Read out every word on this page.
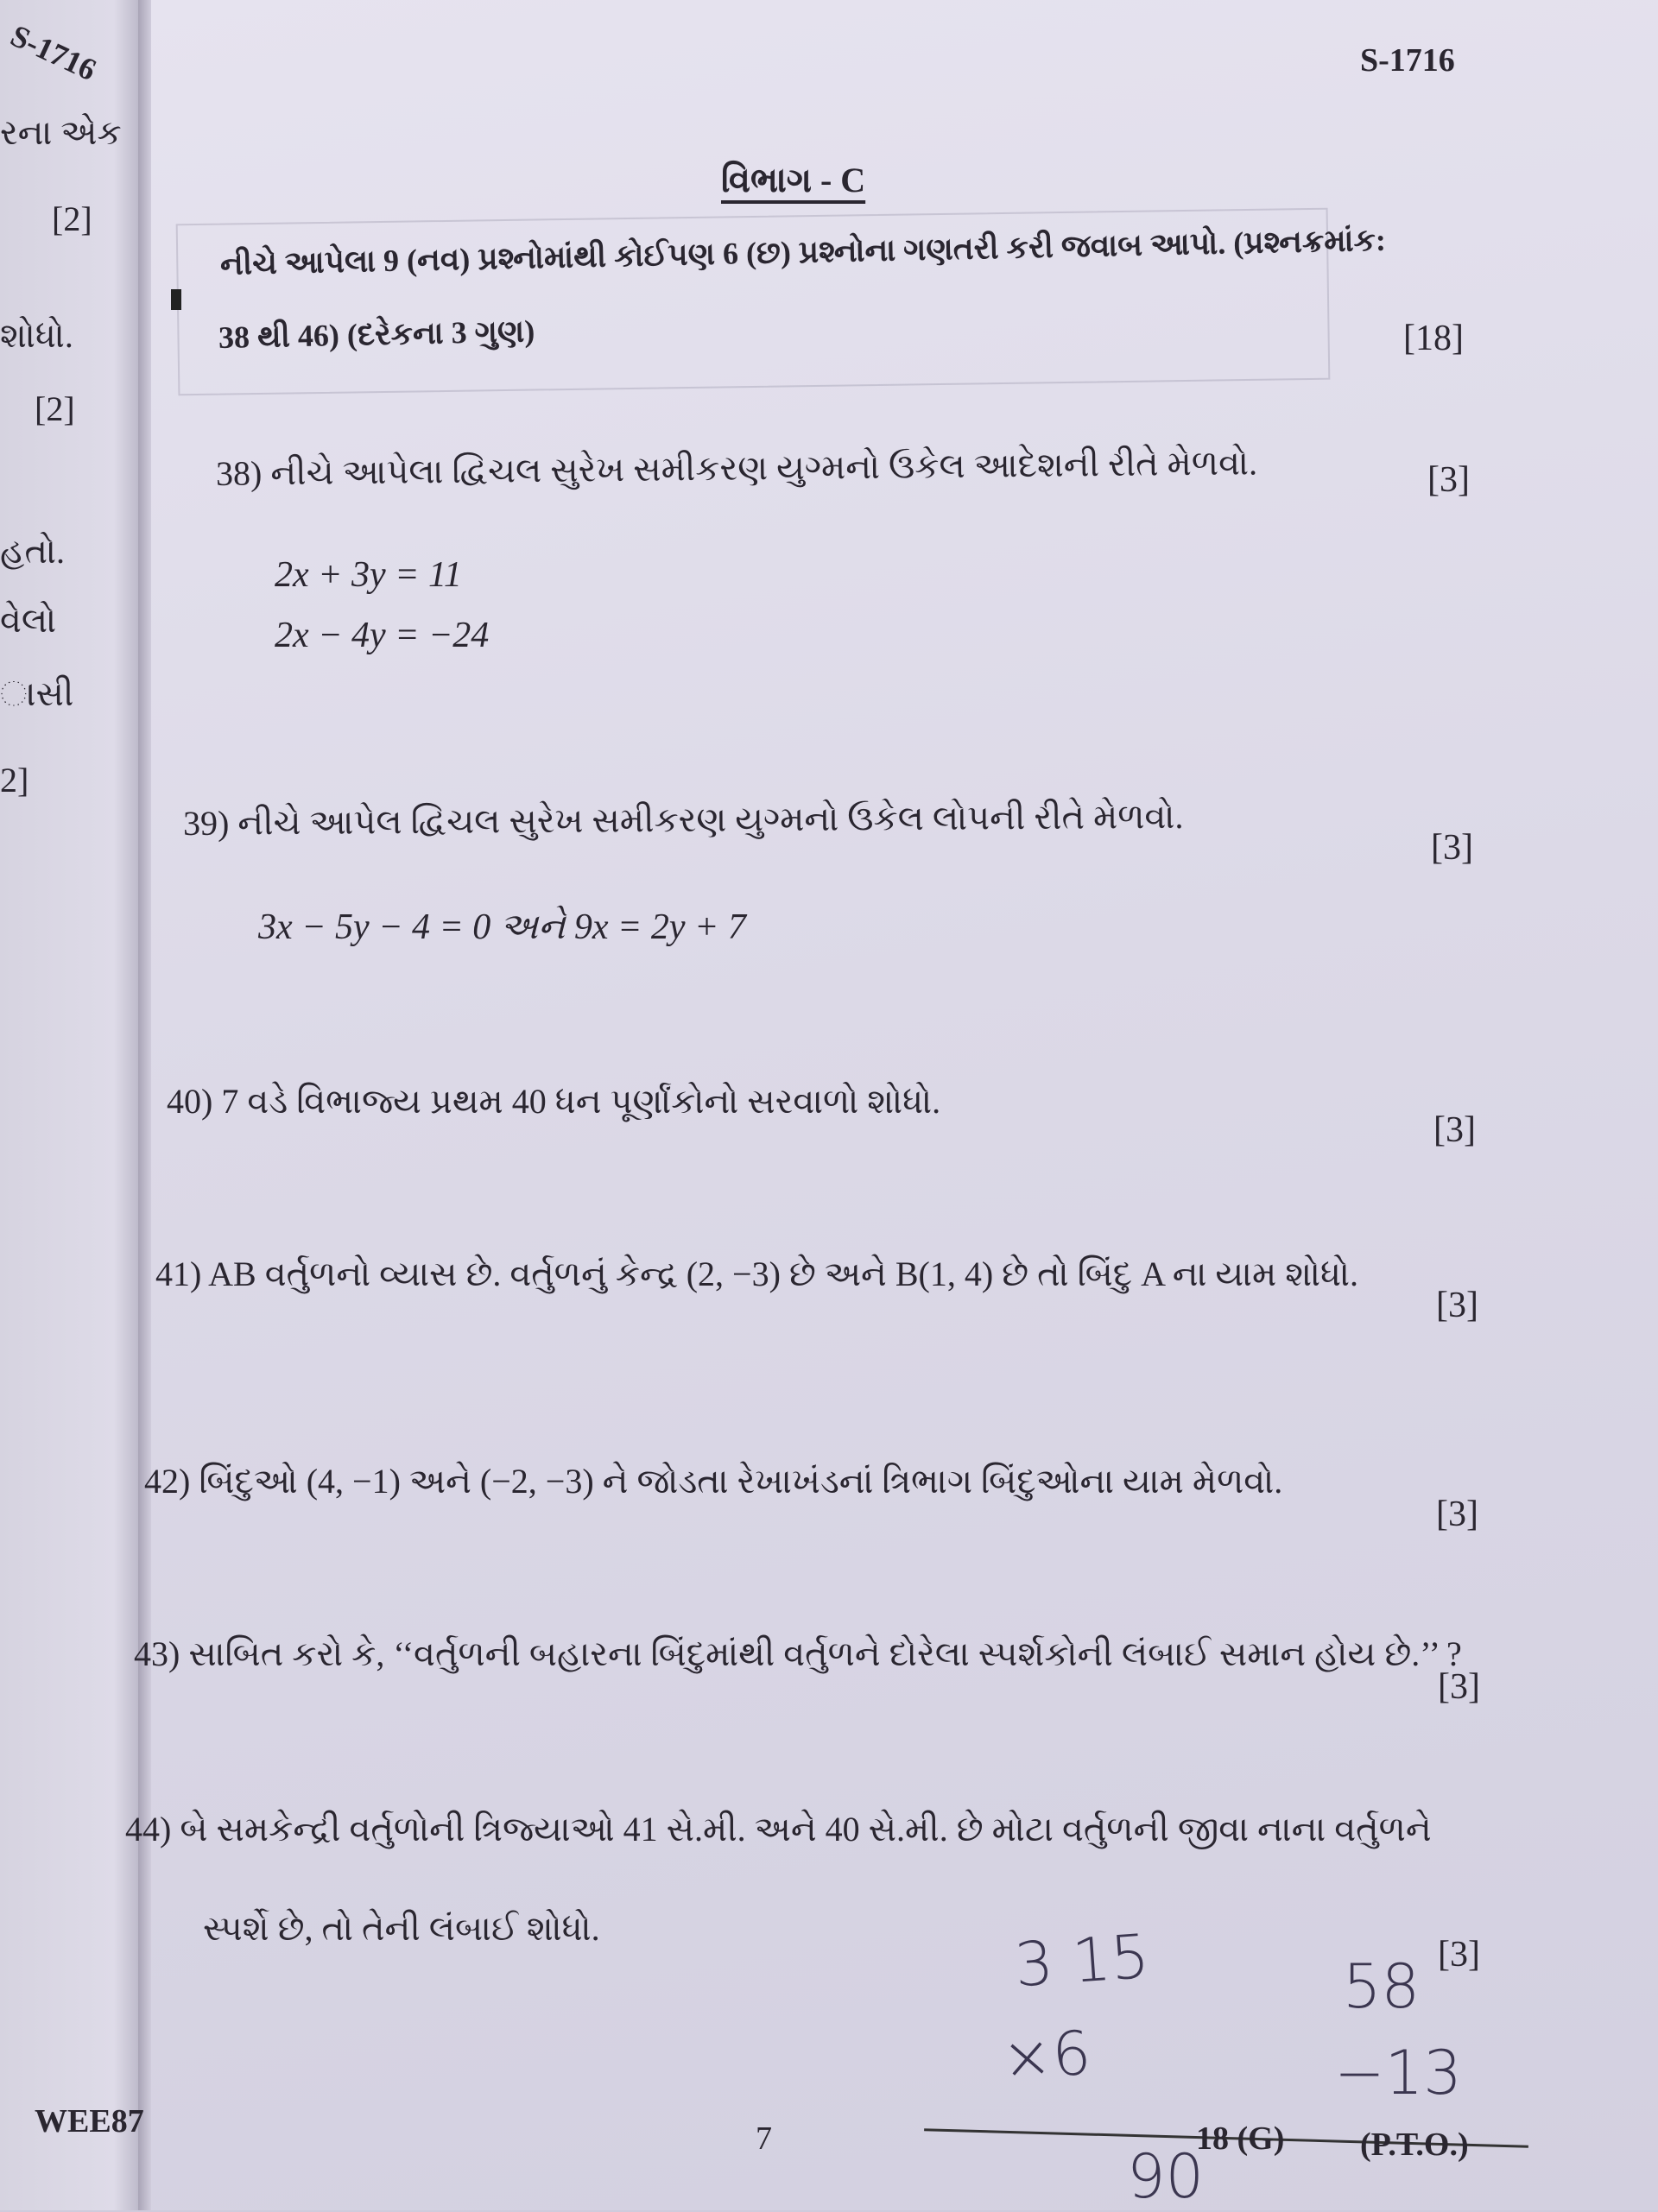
S-1716
રના એક
[2]
શોધો.
[2]
હતો.
વેલો
ાસી
2]
S-1716
વિભાગ - C
નીચે આપેલા 9 (નવ) પ્રશ્નોમાંથી કોઈપણ 6 (છ) પ્રશ્નોના ગણતરી કરી જવાબ આપો. (પ્રશ્નક્રમાંક:
38 થી 46) (દરેકના 3 ગુણ)	[18]
38) નીચે આપેલા દ્વિચલ સુરેખ સમીકરણ યુગ્મનો ઉકેલ આદેશની રીતે મેળવો.	[3]
2x + 3y = 11
2x − 4y = −24
39) નીચે આપેલ દ્વિચલ સુરેખ સમીકરણ યુગ્મનો ઉકેલ લોપની રીતે મેળવો.
[3]
3x − 5y − 4 = 0 અને 9x = 2y + 7
40) 7 વડે વિભાજ્ય પ્રથમ 40 ધન પૂર્ણાંકોનો સરવાળો શોધો.
[3]
41) AB વર્તુળનો વ્યાસ છે. વર્તુળનું કેન્દ્ર (2, −3) છે અને B(1, 4) છે તો બિંદુ A ના યામ શોધો.
[3]
42) બિંદુઓ (4, −1) અને (−2, −3) ને જોડતા રેખાખંડનાં ત્રિભાગ બિંદુઓના યામ મેળવો.
[3]
43) સાબિત કરો કે, ‘‘વર્તુળની બહારના બિંદુમાંથી વર્તુળને દોરેલા સ્પર્શકોની લંબાઈ સમાન હોય છે.’’ ?
[3]
44) બે સમકેન્દ્રી વર્તુળોની ત્રિજ્યાઓ 41 સે.મી. અને 40 સે.મી. છે મોટા વર્તુળની જીવા નાના વર્તુળને
સ્પર્શે છે, તો તેની લંબાઈ શોધો.
[3]
3 15
×6
58
−13
90
WEE87	7	18 (G) (P.T.O.)
